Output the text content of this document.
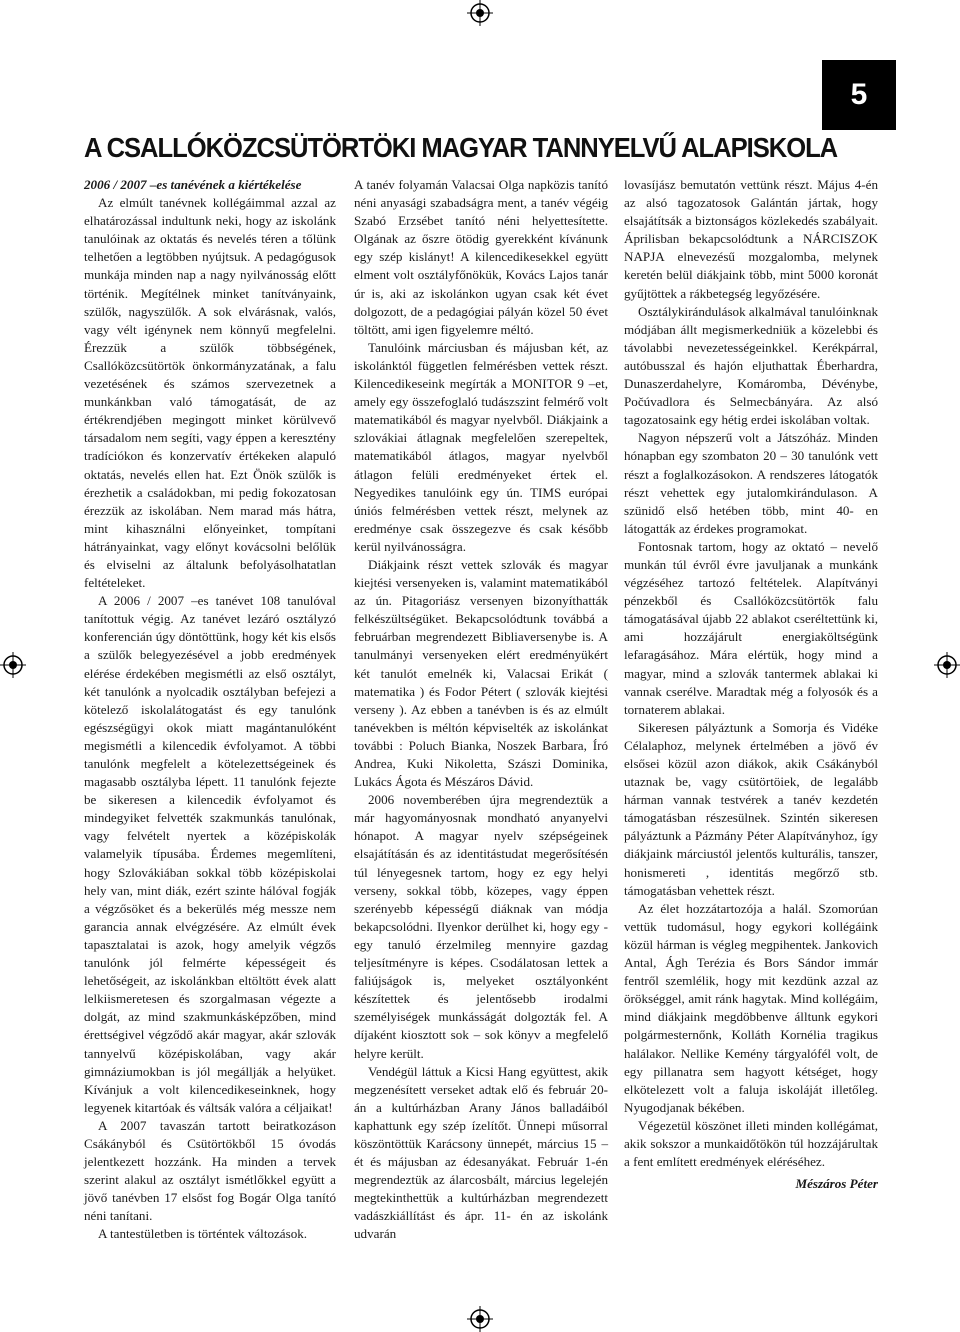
5
A CSALLÓKÖZCSÜTÖRTÖKI MAGYAR TANNYELVŰ ALAPISKOLA

2006 / 2007 –es tanévének a kiértékelése

Az elmúlt tanévnek kollégáimmal azzal az elhatározással indultunk neki, hogy az iskolánk tanulóinak az oktatás és nevelés téren a tőlünk telhetően a legtöbben nyújtsuk. A pedagógusok munkája minden nap a nagy nyilvánosság előtt történik. Megítélnek minket tanítványaink, szülők, nagyszülők. A sok elvárásnak, valós, vagy vélt igénynek nem könnyű megfelelni. Érezzük a szülők többségének, Csallóközcsütörtök önkormányzatának, a falu vezetésének és számos szervezetnek a munkánkban való támogatását, de az értékrendjében megingott minket körülvevő társadalom nem segíti, vagy éppen a keresztény tradíciókon és konzervatív értékeken alapuló oktatás, nevelés ellen hat. Ezt Önök szülők is érezhetik a családokban, mi pedig fokozatosan érezzük az iskolában. Nem marad más hátra, mint kihasználni előnyeinket, tompítani hátrányainkat, vagy előnyt kovácsolni belőlük és elviselni az általunk befolyásolhatatlan feltételeket.

A 2006 / 2007 –es tanévet 108 tanulóval tanítottuk végig. Az tanévet lezáró osztályzó konferencián úgy döntöttünk, hogy két kis elsős a szülők belegyezésével a jobb eredmények elérése érdekében megismétli az első osztályt, két tanulónk a nyolcadik osztályban befejezi a kötelező iskolalátogatást és egy tanulónk egészségügyi okok miatt magántanulóként megismétli a kilencedik évfolyamot. A többi tanulónk megfelelt a kötelezettségeinek és magasabb osztályba lépett. 11 tanulónk fejezte be sikeresen a kilencedik évfolyamot és mindegyiket felvették szakmunkás tanulónak, vagy felvételt nyertek a középiskolák valamelyik típusába. Érdemes megemlíteni, hogy Szlovákiában sokkal több középiskolai hely van, mint diák, ezért szinte hálóval fogják a végzősöket és a bekerülés még messze nem garancia annak elvégzésére. Az elmúlt évek tapasztalatai is azok, hogy amelyik végzős tanulónk jól felmérte képességeit és lehetőségeit, az iskolánkban eltöltött évek alatt lelkiismeretesen és szorgalmasan végezte a dolgát, az mind szakmunkásképzőben, mind érettségivel végződő akár magyar, akár szlovák tannyelvű középiskolában, vagy akár gimnáziumokban is jól megállják a helyüket. Kívánjuk a volt kilencedikeseinknek, hogy legyenek kitartóak és váltsák valóra a céljaikat!

A 2007 tavaszán tartott beiratkozáson Csákányból és Csütörtökből 15 óvodás jelentkezett hozzánk. Ha minden a tervek szerint alakul az osztályt ismétlőkkel együtt a jövő tanévben 17 elsőst fog Bogár Olga tanító néni tanítani.

A tantestületben is történtek változások.

A tanév folyamán Valacsai Olga napközis tanító néni anyasági szabadságra ment, a tanév végéig Szabó Erzsébet tanító néni helyettesítette. Olgának az őszre ötödig gyerekként kívánunk egy szép kislányt! A kilencedikesekkel együtt elment volt osztályfőnökük, Kovács Lajos tanár úr is, aki az iskolánkon ugyan csak két évet dolgozott, de a pedagógiai pályán közel 50 évet töltött, ami igen figyelemre méltó.

Tanulóink márciusban és májusban két, az iskolánktól független felmérésben vettek részt. Kilencedikeseink megírták a MONITOR 9 –et, amely egy összefoglaló tudászszint felmérő volt matematikából és magyar nyelvből. Diákjaink a szlovákiai átlagnak megfelelően szerepeltek, matematikából átlagos, magyar nyelvből átlagon felüli eredményeket értek el. Negyedikes tanulóink egy ún. TIMS európai úniós felmérésben vettek részt, melynek az eredménye csak összegezve és csak később kerül nyilvánosságra.

Diákjaink részt vettek szlovák és magyar kiejtési versenyeken is, valamint matematikából az ún. Pitagoriász versenyen bizonyíthatták felkészültségüket. Bekapcsolódtunk továbbá a februárban megrendezett Bibliaversenybe is. A tanulmányi versenyeken elért eredményükért két tanulót emelnék ki, Valacsai Erikát ( matematika ) és Fodor Pétert ( szlovák kiejtési verseny ). Az ebben a tanévben is és az elmúlt tanévekben is méltón képviselték az iskolánkat további : Poluch Bianka, Noszek Barbara, Író Andrea, Kuki Nikoletta, Szászi Dominika, Lukács Ágota és Mészáros Dávid.

2006 novemberében újra megrendeztük a már hagyományosnak mondható anyanyelvi hónapot. A magyar nyelv szépségeinek elsajátításán és az identitástudat megerősítésén túl lényegesnek tartom, hogy ez egy helyi verseny, sokkal több, közepes, vagy éppen szerényebb képességű diáknak van módja bekapcsolódni. Ilyenkor derülhet ki, hogy egy -egy tanuló érzelmileg mennyire gazdag teljesítményre is képes. Csodálatosan lettek a faliújságok is, melyeket osztályonként készítettek és jelentősebb irodalmi személyiségek munkásságát dolgozták fel. A díjaként kiosztott sok – sok könyv a megfelelő helyre került.

Vendégül láttuk a Kicsi Hang együttest, akik megzenésített verseket adtak elő és február 20-án a kultúrházban Arany János balladáiból kaphattunk egy szép ízelítőt. Ünnepi műsorral köszöntöttük Karácsony ünnepét, március 15 –ét és májusban az édesanyákat. Február 1-én megrendeztük az álarcosbált, március legelején megtekinthettük a kultúrházban megrendezett vadászkiállítást és ápr. 11- én az iskolánk udvarán

lovasíjász bemutatón vettünk részt. Május 4-én az alsó tagozatosok Galántán jártak, hogy elsajátítsák a biztonságos közlekedés szabályait. Áprilisban bekapcsolódtunk a NÁRCISZOK NAPJA elnevezésű mozgalomba, melynek keretén belül diákjaink több, mint 5000 koronát gyűjtöttek a rákbetegség legyőzésére.

Osztálykirándulások alkalmával tanulóinknak módjában állt megismerkedniük a közelebbi és távolabbi nevezetességeinkkel. Kerékpárral, autóbusszal és hajón eljuthattak Éberhardra, Dunaszerdahelyre, Komáromba, Dévénybe, Počúvadlora és Selmecbányára. Az alsó tagozatosaink egy hétig erdei iskolában voltak.

Nagyon népszerű volt a Játszóház. Minden hónapban egy szombaton 20 – 30 tanulónk vett részt a foglalkozásokon. A rendszeres látogatók részt vehettek egy jutalomkirándulason. A szünidő első hetében több, mint 40- en látogatták az érdekes programokat.

Fontosnak tartom, hogy az oktató – nevelő munkán túl évről évre javuljanak a munkánk végzéséhez tartozó feltételek. Alapítványi pénzekből és Csallóközcsütörtök falu támogatásával újabb 22 ablakot cseréltettünk ki, ami hozzájárult energiaköltségünk lefaragásához. Mára elértük, hogy mind a magyar, mind a szlovák tantermek ablakai ki vannak cserélve. Maradtak még a folyosók és a tornaterem ablakai.

Sikeresen pályáztunk a Somorja és Vidéke Célalaphoz, melynek értelmében a jövő év elsősei közül azon diákok, akik Csákányból utaznak be, vagy csütörtöiek, de legalább hárman vannak testvérek a tanév kezdetén támogatásban részesülnek. Szintén sikeresen pályáztunk a Pázmány Péter Alapítványhoz, így diákjaink márciustól jelentős kulturális, tanszer, honismereti , identitás megőrző stb. támogatásban vehettek részt.

Az élet hozzátartozója a halál. Szomorúan vettük tudomásul, hogy egykori kollégáink közül hárman is végleg megpihentek. Jankovich Antal, Ágh Terézia és Bors Sándor immár fentről szemlélik, hogy mit kezdünk azzal az örökséggel, amit ránk hagytak. Mind kollégáim, mind diákjaink megdöbbenve álltunk egykori polgármesternőnk, Kolláth Kornélia tragikus halálakor. Nellike Kemény tárgyalófél volt, de egy pillanatra sem hagyott kétséget, hogy elkötelezett volt a faluja iskoláját illetőleg. Nyugodjanak békében.

Végezetül köszönet illeti minden kollégámat, akik sokszor a munkaidőtökön túl hozzájárultak a fent említett eredmények eléréséhez.

Mészáros Péter
